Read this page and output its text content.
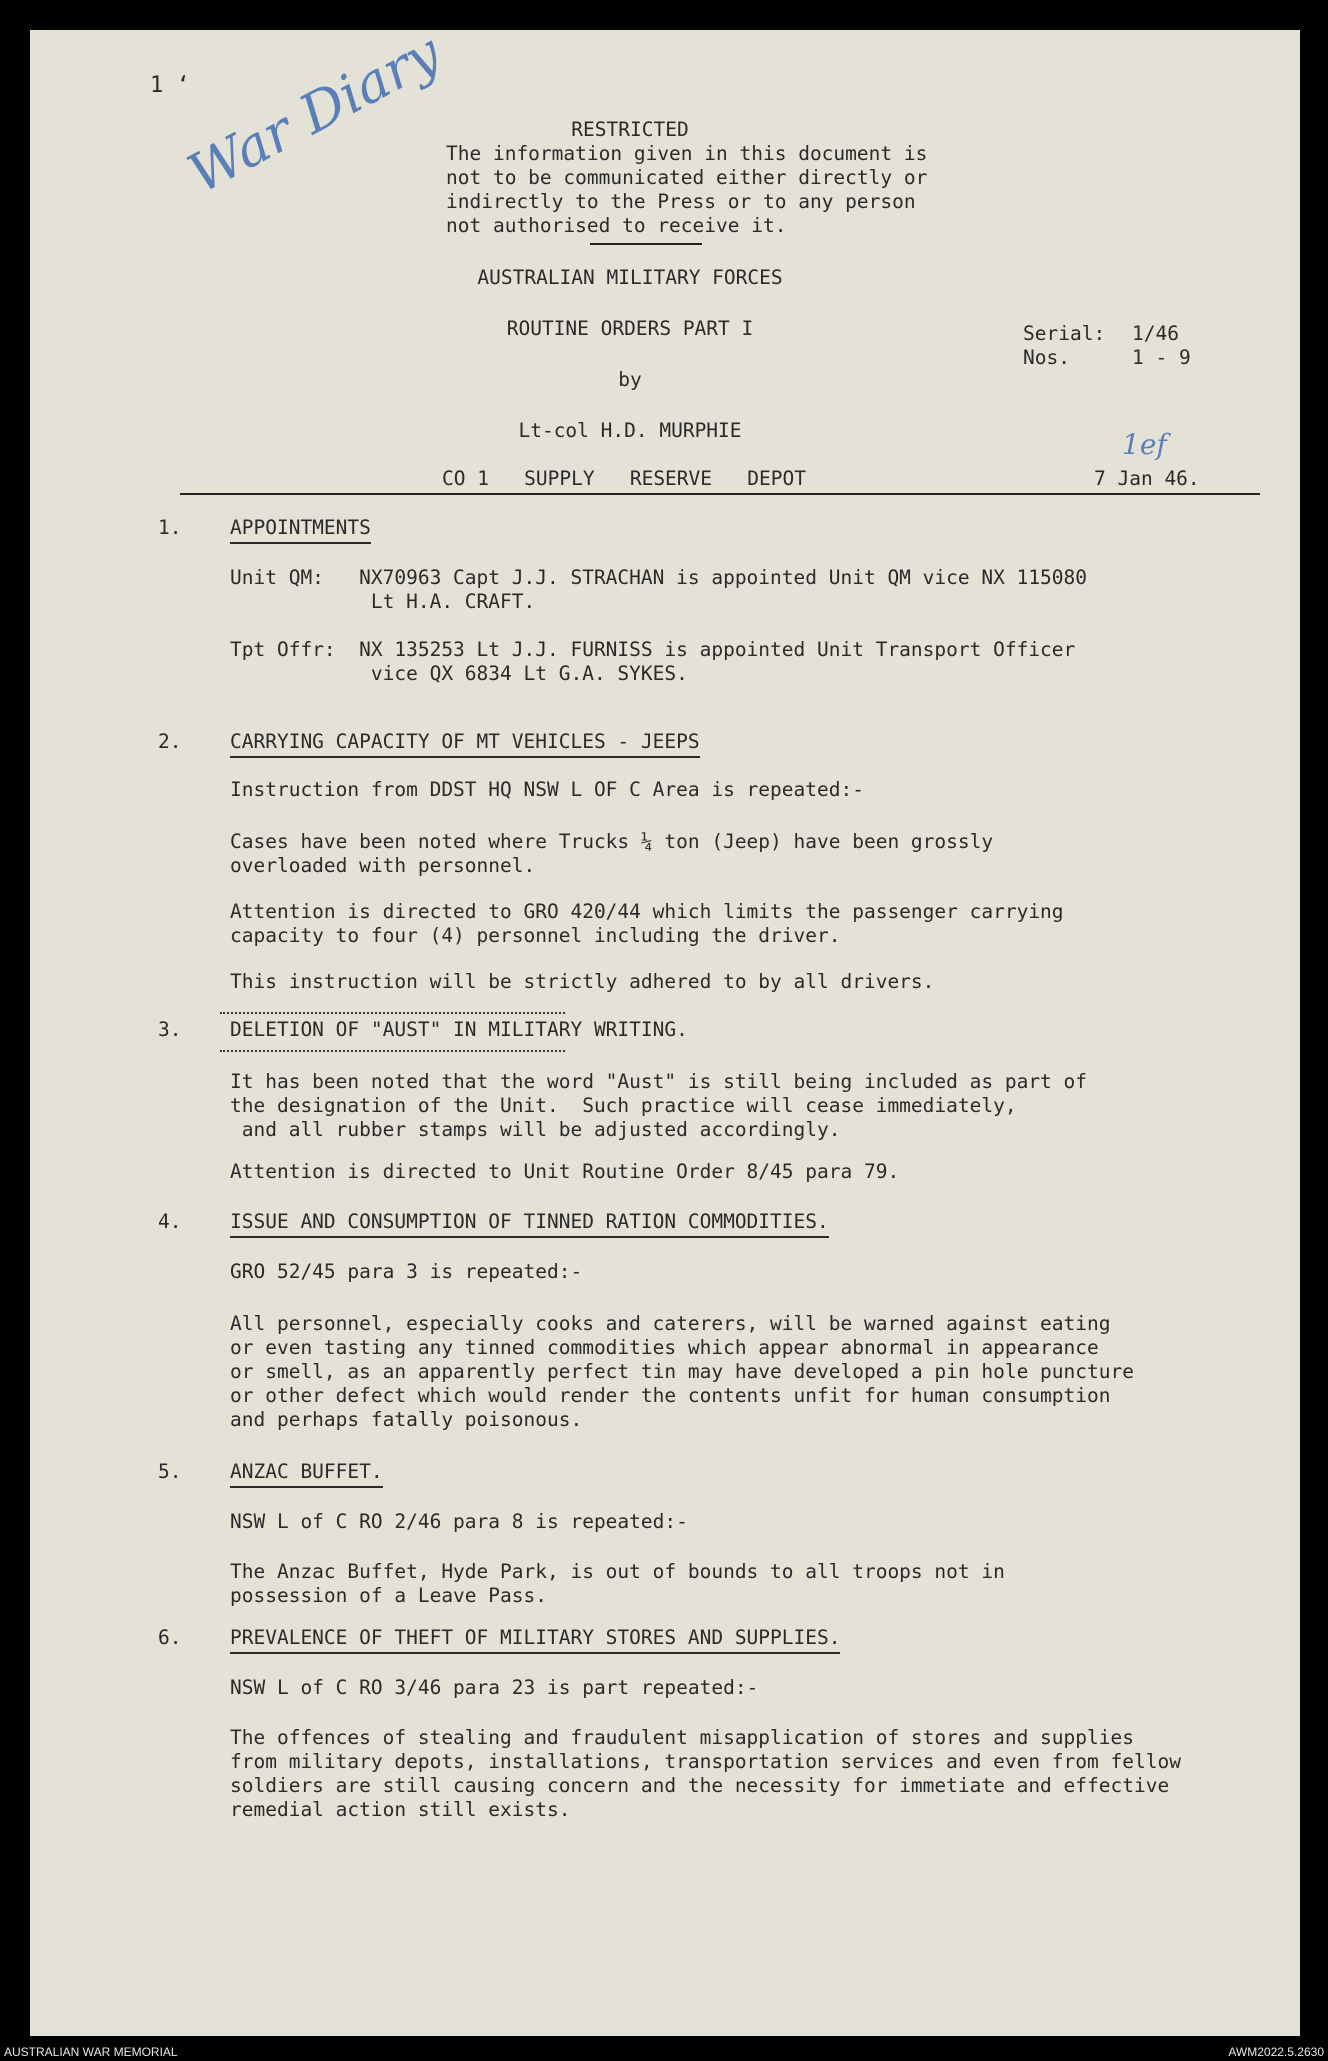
1 ‘
War Diary	RESTRICTED
The information given in this document is
not to be communicated either directly or
indirectly to the Press or to any person
not authorised to receive it.
AUSTRALIAN MILITARY FORCES
ROUTINE ORDERS PART I	Serial: 1/46
Nos.	1 - 9
by
Lt-col H.D. MURPHIE	1ef
CO 1   SUPPLY   RESERVE   DEPOT	7 Jan 46.
1. APPOINTMENTS
Unit QM:   NX70963 Capt J.J. STRACHAN is appointed Unit QM vice NX 115080
Lt H.A. CRAFT.
Tpt Offr:  NX 135253 Lt J.J. FURNISS is appointed Unit Transport Officer
vice QX 6834 Lt G.A. SYKES.
2. CARRYING CAPACITY OF MT VEHICLES - JEEPS
Instruction from DDST HQ NSW L OF C Area is repeated:-
Cases have been noted where Trucks ¼ ton (Jeep) have been grossly
overloaded with personnel.
Attention is directed to GRO 420/44 which limits the passenger carrying
capacity to four (4) personnel including the driver.
This instruction will be strictly adhered to by all drivers.
3. DELETION OF "AUST" IN MILITARY WRITING.
It has been noted that the word "Aust" is still being included as part of
the designation of the Unit.  Such practice will cease immediately,
and all rubber stamps will be adjusted accordingly.
Attention is directed to Unit Routine Order 8/45 para 79.
4. ISSUE AND CONSUMPTION OF TINNED RATION COMMODITIES.
GRO 52/45 para 3 is repeated:-
All personnel, especially cooks and caterers, will be warned against eating
or even tasting any tinned commodities which appear abnormal in appearance
or smell, as an apparently perfect tin may have developed a pin hole puncture
or other defect which would render the contents unfit for human consumption
and perhaps fatally poisonous.
5. ANZAC BUFFET.
NSW L of C RO 2/46 para 8 is repeated:-
The Anzac Buffet, Hyde Park, is out of bounds to all troops not in
possession of a Leave Pass.
6. PREVALENCE OF THEFT OF MILITARY STORES AND SUPPLIES.
NSW L of C RO 3/46 para 23 is part repeated:-
The offences of stealing and fraudulent misapplication of stores and supplies
from military depots, installations, transportation services and even from fellow
soldiers are still causing concern and the necessity for immetiate and effective
remedial action still exists.
AUSTRALIAN WAR MEMORIAL	AWM2022.5.2630
